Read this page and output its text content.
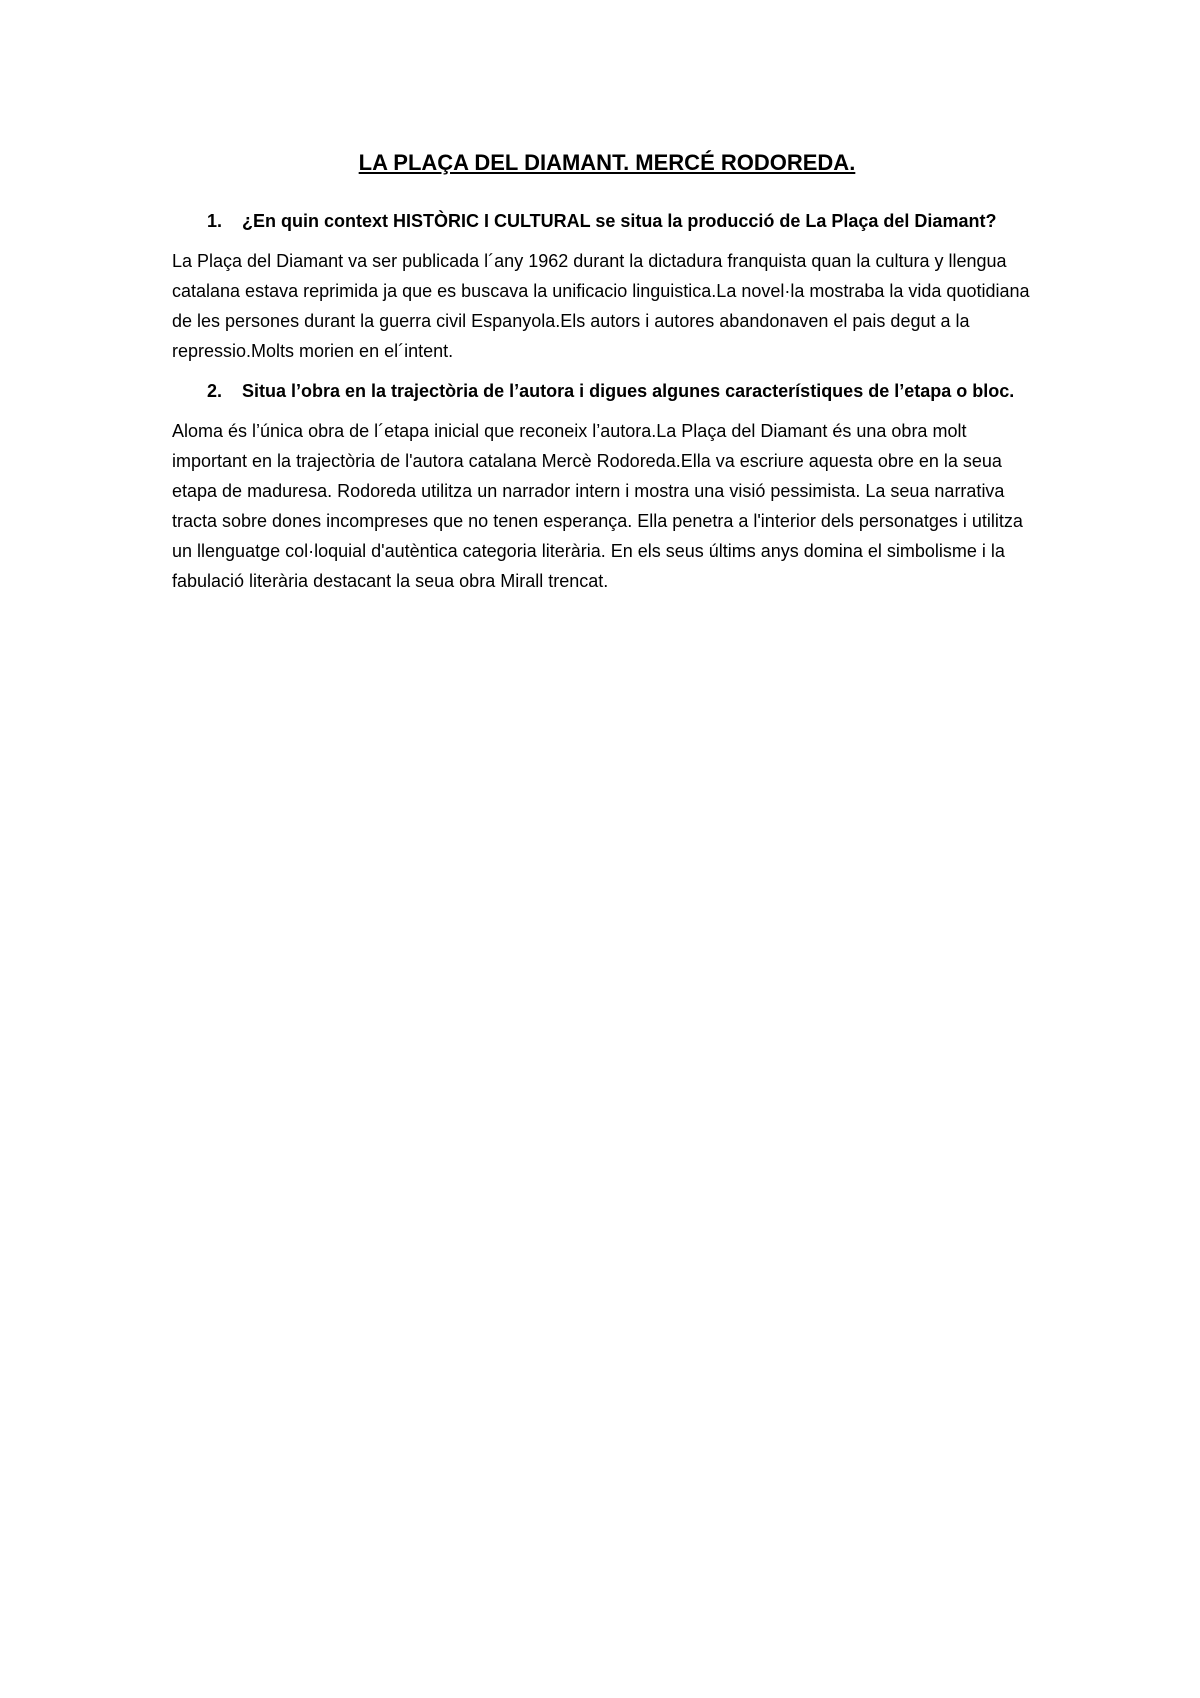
LA PLAÇA DEL DIAMANT. MERCÉ RODOREDA.
1.	¿En quin context HISTÒRIC I CULTURAL se situa la producció de La Plaça del Diamant?

La Plaça del Diamant va ser publicada l´any 1962 durant la dictadura franquista quan la cultura y llengua catalana estava reprimida ja que es buscava la unificacio linguistica.La novel·la mostraba la vida quotidiana de les persones durant la guerra civil Espanyola.Els autors i autores abandonaven el pais degut a la repressio.Molts morien en el´intent.

2.	Situa l’obra en la trajectòria de l’autora i digues algunes característiques de l’etapa o bloc.

Aloma és l’única obra de l´etapa inicial que reconeix l’autora.La Plaça del Diamant és una obra molt important en la trajectòria de l'autora catalana Mercè Rodoreda.Ella va escriure aquesta obre en la seua etapa de maduresa. Rodoreda utilitza un narrador intern i mostra una visió pessimista. La seua narrativa tracta sobre dones incompreses que no tenen esperança. Ella penetra a l'interior dels personatges i utilitza un llenguatge col·loquial d'autèntica categoria literària. En els seus últims anys domina el simbolisme i la fabulació literària destacant la seua obra Mirall trencat.
